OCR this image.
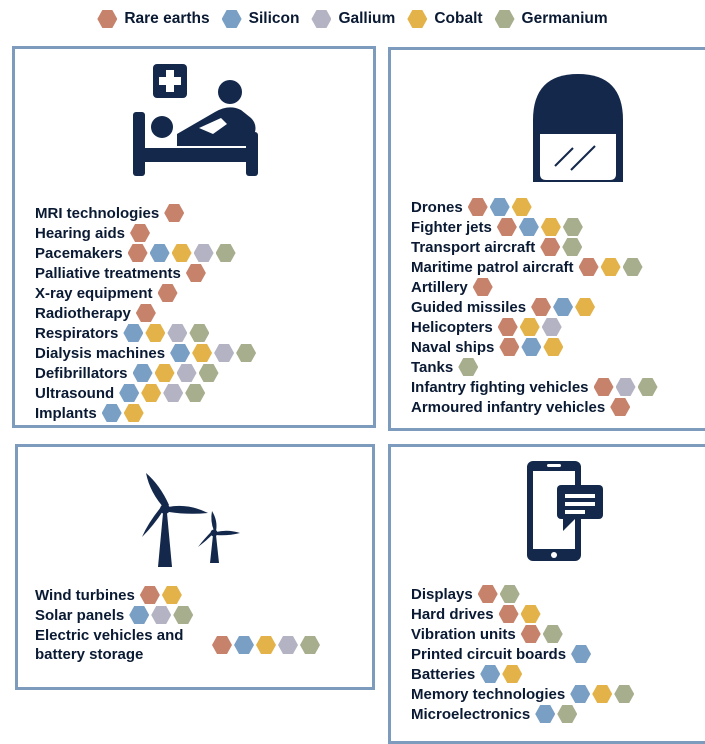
Rare earths	Silicon	Gallium	Cobalt	Germanium
MRI technologies
Hearing aids
Pacemakers
Palliative treatments
X-ray equipment
Radiotherapy
Respirators
Dialysis machines
Defibrillators
Ultrasound
Implants
Drones
Fighter jets
Transport aircraft
Maritime patrol aircraft
Artillery
Guided missiles
Helicopters
Naval ships
Tanks
Infantry fighting vehicles
Armoured infantry vehicles
Wind turbines
Solar panels
Electric vehicles and battery storage
Displays
Hard drives
Vibration units
Printed circuit boards
Batteries
Memory technologies
Microelectronics
